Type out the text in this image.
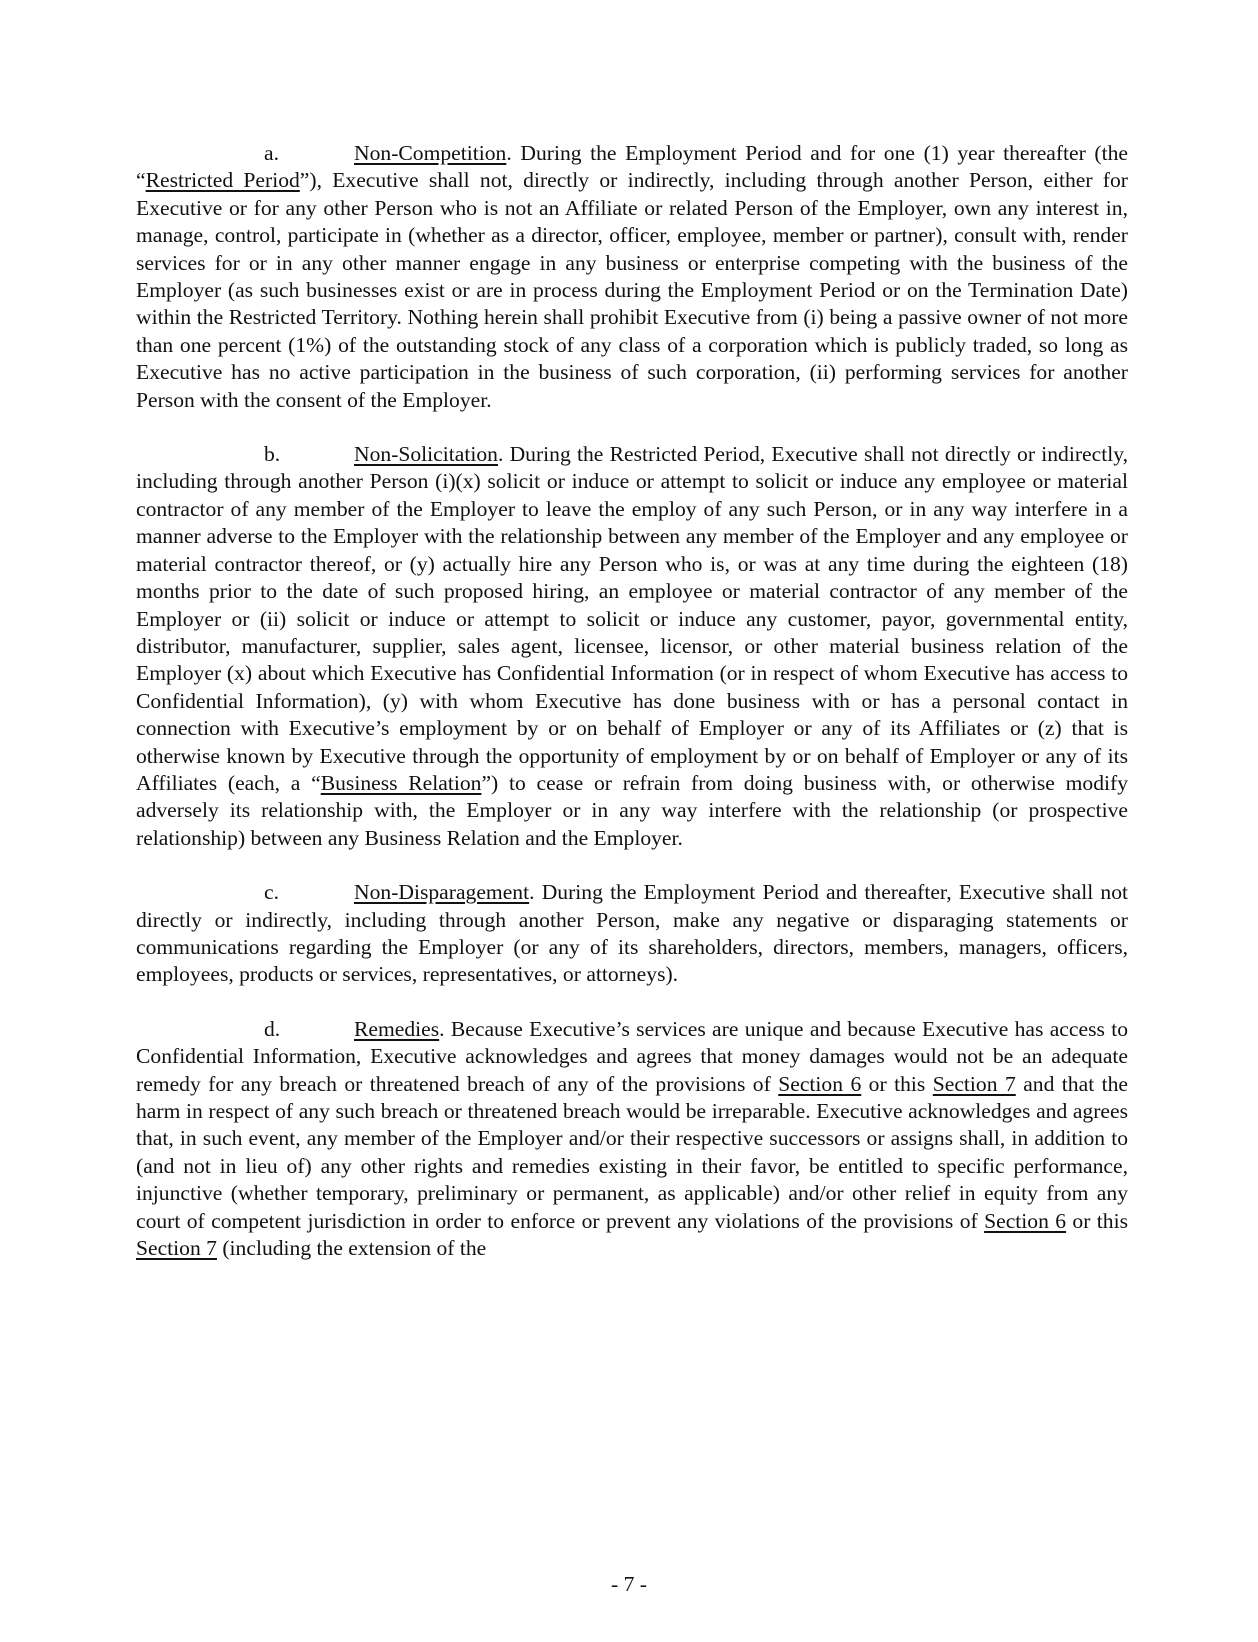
a.	Non-Competition. During the Employment Period and for one (1) year thereafter (the “Restricted Period”), Executive shall not, directly or indirectly, including through another Person, either for Executive or for any other Person who is not an Affiliate or related Person of the Employer, own any interest in, manage, control, participate in (whether as a director, officer, employee, member or partner), consult with, render services for or in any other manner engage in any business or enterprise competing with the business of the Employer (as such businesses exist or are in process during the Employment Period or on the Termination Date) within the Restricted Territory. Nothing herein shall prohibit Executive from (i) being a passive owner of not more than one percent (1%) of the outstanding stock of any class of a corporation which is publicly traded, so long as Executive has no active participation in the business of such corporation, (ii) performing services for another Person with the consent of the Employer.

b.	Non-Solicitation. During the Restricted Period, Executive shall not directly or indirectly, including through another Person (i)(x) solicit or induce or attempt to solicit or induce any employee or material contractor of any member of the Employer to leave the employ of any such Person, or in any way interfere in a manner adverse to the Employer with the relationship between any member of the Employer and any employee or material contractor thereof, or (y) actually hire any Person who is, or was at any time during the eighteen (18) months prior to the date of such proposed hiring, an employee or material contractor of any member of the Employer or (ii) solicit or induce or attempt to solicit or induce any customer, payor, governmental entity, distributor, manufacturer, supplier, sales agent, licensee, licensor, or other material business relation of the Employer (x) about which Executive has Confidential Information (or in respect of whom Executive has access to Confidential Information), (y) with whom Executive has done business with or has a personal contact in connection with Executive’s employment by or on behalf of Employer or any of its Affiliates or (z) that is otherwise known by Executive through the opportunity of employment by or on behalf of Employer or any of its Affiliates (each, a “Business Relation”) to cease or refrain from doing business with, or otherwise modify adversely its relationship with, the Employer or in any way interfere with the relationship (or prospective relationship) between any Business Relation and the Employer.

c.	Non-Disparagement. During the Employment Period and thereafter, Executive shall not directly or indirectly, including through another Person, make any negative or disparaging statements or communications regarding the Employer (or any of its shareholders, directors, members, managers, officers, employees, products or services, representatives, or attorneys).

d.	Remedies. Because Executive’s services are unique and because Executive has access to Confidential Information, Executive acknowledges and agrees that money damages would not be an adequate remedy for any breach or threatened breach of any of the provisions of Section 6 or this Section 7 and that the harm in respect of any such breach or threatened breach would be irreparable. Executive acknowledges and agrees that, in such event, any member of the Employer and/or their respective successors or assigns shall, in addition to (and not in lieu of) any other rights and remedies existing in their favor, be entitled to specific performance, injunctive (whether temporary, preliminary or permanent, as applicable) and/or other relief in equity from any court of competent jurisdiction in order to enforce or prevent any violations of the provisions of Section 6 or this Section 7 (including the extension of the

- 7 -
